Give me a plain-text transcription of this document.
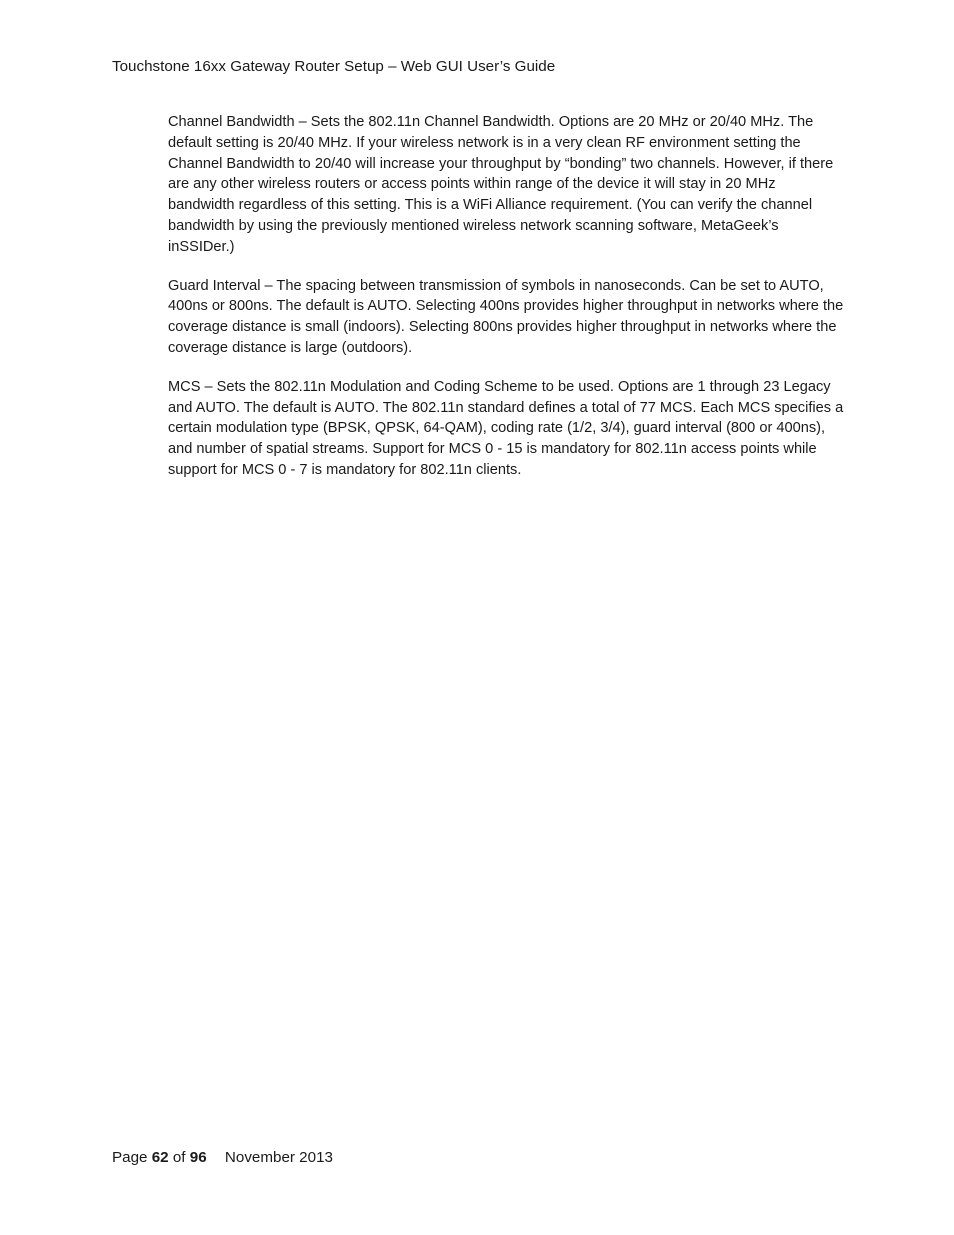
Touchstone 16xx Gateway Router Setup – Web GUI User’s Guide

Channel Bandwidth – Sets the 802.11n Channel Bandwidth. Options are 20 MHz or 20/40 MHz. The default setting is 20/40 MHz. If your wireless network is in a very clean RF environment setting the Channel Bandwidth to 20/40 will increase your throughput by “bonding” two channels. However, if there are any other wireless routers or access points within range of the device it will stay in 20 MHz bandwidth regardless of this setting. This is a WiFi Alliance requirement. (You can verify the channel bandwidth by using the previously mentioned wireless network scanning software, MetaGeek’s inSSIDer.)

Guard Interval – The spacing between transmission of symbols in nanoseconds. Can be set to AUTO, 400ns or 800ns. The default is AUTO. Selecting 400ns provides higher throughput in networks where the coverage distance is small (indoors). Selecting 800ns provides higher throughput in networks where the coverage distance is large (outdoors).

MCS – Sets the 802.11n Modulation and Coding Scheme to be used. Options are 1 through 23 Legacy and AUTO. The default is AUTO. The 802.11n standard defines a total of 77 MCS. Each MCS specifies a certain modulation type (BPSK, QPSK, 64-QAM), coding rate (1/2, 3/4), guard interval (800 or 400ns), and number of spatial streams. Support for MCS 0 - 15 is mandatory for 802.11n access points while support for MCS 0 - 7 is mandatory for 802.11n clients.

Page 62 of 96 November 2013
